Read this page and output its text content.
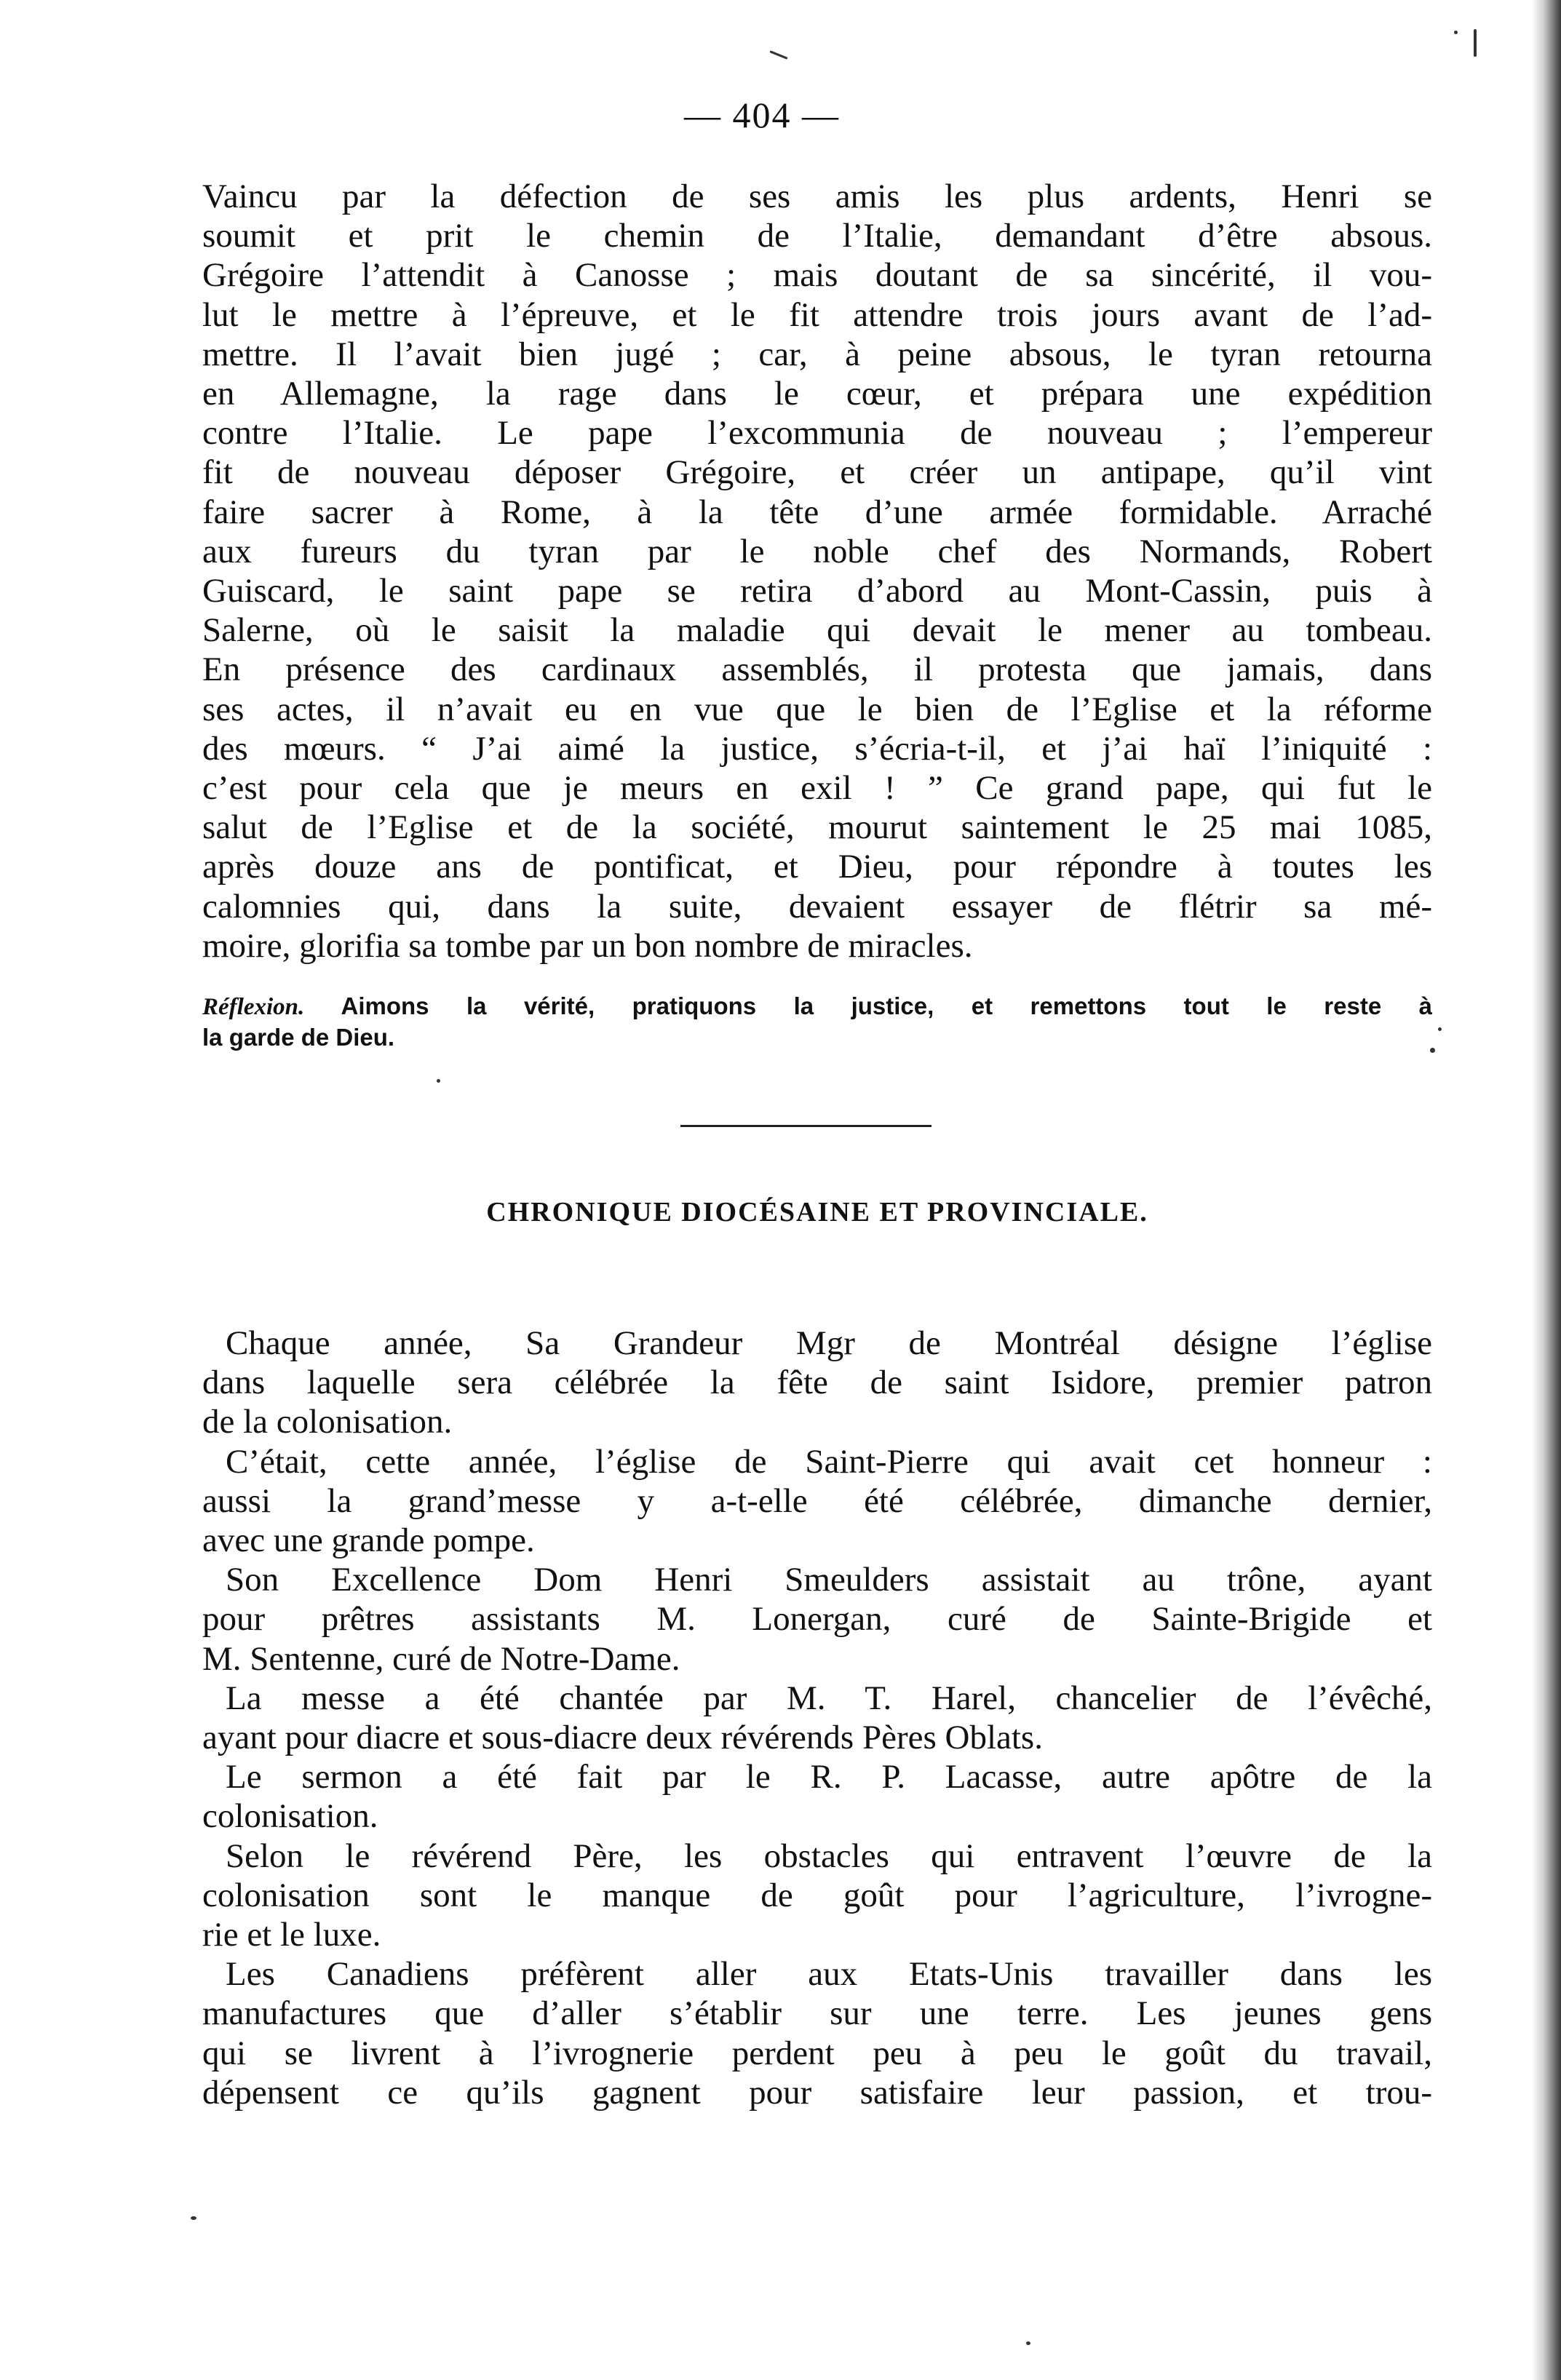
— 404 —
Vaincu par la défection de ses amis les plus ardents, Henri se
soumit et prit le chemin de l’Italie, demandant d’être absous.
Grégoire l’attendit à Canosse ; mais doutant de sa sincérité, il vou-
lut le mettre à l’épreuve, et le fit attendre trois jours avant de l’ad-
mettre. Il l’avait bien jugé ; car, à peine absous, le tyran retourna
en Allemagne, la rage dans le cœur, et prépara une expédition
contre l’Italie. Le pape l’excommunia de nouveau ; l’empereur
fit de nouveau déposer Grégoire, et créer un antipape, qu’il vint
faire sacrer à Rome, à la tête d’une armée formidable. Arraché
aux fureurs du tyran par le noble chef des Normands, Robert
Guiscard, le saint pape se retira d’abord au Mont-Cassin, puis à
Salerne, où le saisit la maladie qui devait le mener au tombeau.
En présence des cardinaux assemblés, il protesta que jamais, dans
ses actes, il n’avait eu en vue que le bien de l’Eglise et la réforme
des mœurs. “ J’ai aimé la justice, s’écria-t-il, et j’ai haï l’iniquité :
c’est pour cela que je meurs en exil ! ” Ce grand pape, qui fut le
salut de l’Eglise et de la société, mourut saintement le 25 mai 1085,
après douze ans de pontificat, et Dieu, pour répondre à toutes les
calomnies qui, dans la suite, devaient essayer de flétrir sa mé-
moire, glorifia sa tombe par un bon nombre de miracles.
Réflexion. Aimons la vérité, pratiquons la justice, et remettons tout le reste à
la garde de Dieu.
CHRONIQUE DIOCÉSAINE ET PROVINCIALE.
Chaque année, Sa Grandeur Mgr de Montréal désigne l’église
dans laquelle sera célébrée la fête de saint Isidore, premier patron
de la colonisation.
C’était, cette année, l’église de Saint-Pierre qui avait cet honneur :
aussi la grand’messe y a-t-elle été célébrée, dimanche dernier,
avec une grande pompe.
Son Excellence Dom Henri Smeulders assistait au trône, ayant
pour prêtres assistants M. Lonergan, curé de Sainte-Brigide et
M. Sentenne, curé de Notre-Dame.
La messe a été chantée par M. T. Harel, chancelier de l’évêché,
ayant pour diacre et sous-diacre deux révérends Pères Oblats.
Le sermon a été fait par le R. P. Lacasse, autre apôtre de la
colonisation.
Selon le révérend Père, les obstacles qui entravent l’œuvre de la
colonisation sont le manque de goût pour l’agriculture, l’ivrogne-
rie et le luxe.
Les Canadiens préfèrent aller aux Etats-Unis travailler dans les
manufactures que d’aller s’établir sur une terre. Les jeunes gens
qui se livrent à l’ivrognerie perdent peu à peu le goût du travail,
dépensent ce qu’ils gagnent pour satisfaire leur passion, et trou-
